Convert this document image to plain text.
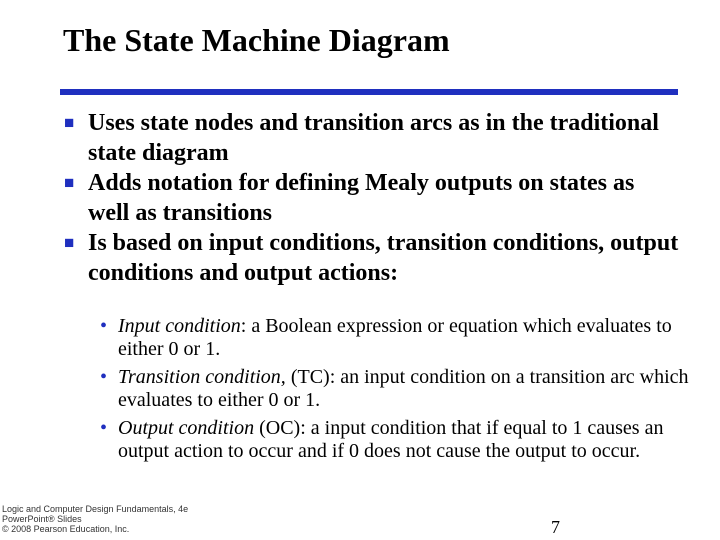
The State Machine Diagram
■ Uses state nodes and transition arcs as in the traditional state diagram
■ Adds notation for defining Mealy outputs on states as well as transitions
■ Is based on input conditions, transition conditions, output conditions and output actions:
• Input condition: a Boolean expression or equation which evaluates to either 0 or 1.
• Transition condition, (TC): an input condition on a transition arc which evaluates to either 0 or 1.
• Output condition (OC): a input condition that if equal to 1 causes an output action to occur and if 0 does not cause the output to occur.
Logic and Computer Design Fundamentals, 4e
PowerPoint® Slides
© 2008 Pearson Education, Inc.	7
